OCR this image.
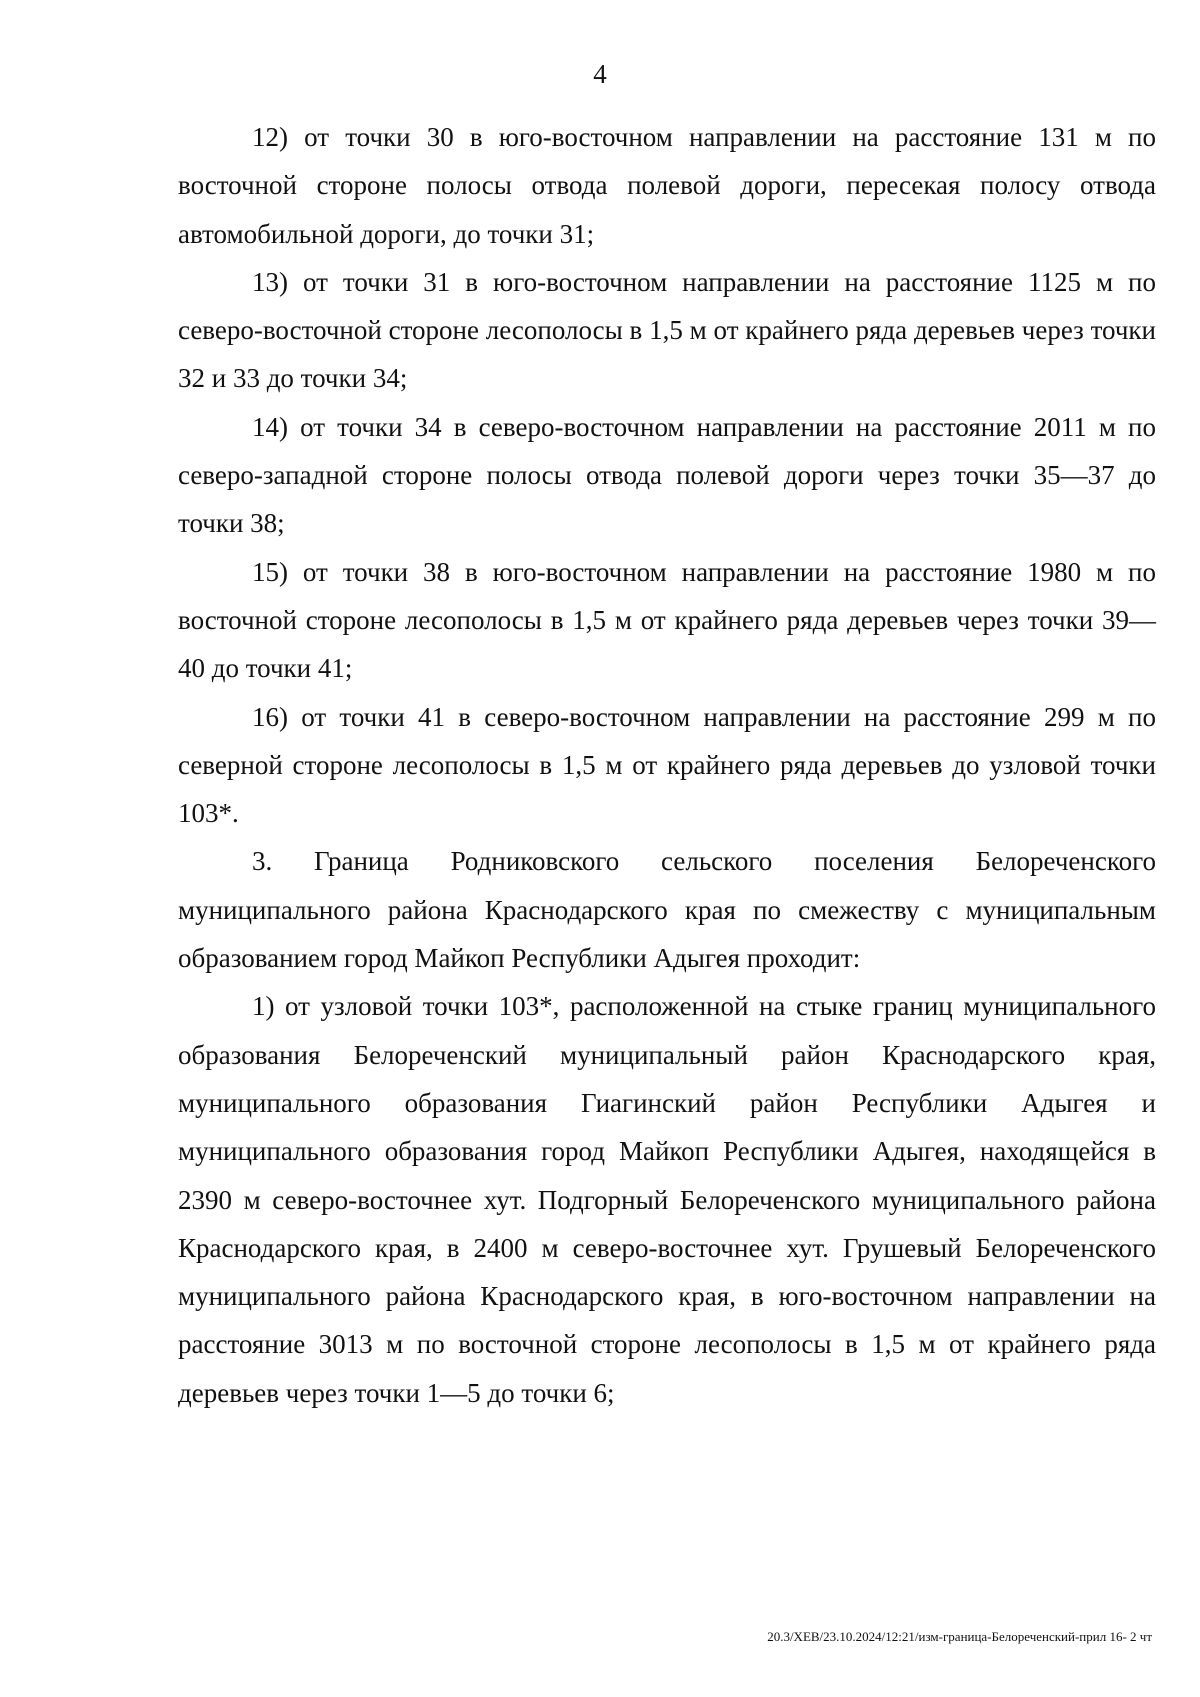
4

12) от точки 30 в юго-восточном направлении на расстояние 131 м по восточной стороне полосы отвода полевой дороги, пересекая полосу отвода автомобильной дороги, до точки 31;

13) от точки 31 в юго-восточном направлении на расстояние 1125 м по северо-восточной стороне лесополосы в 1,5 м от крайнего ряда деревьев через точки 32 и 33 до точки 34;

14) от точки 34 в северо-восточном направлении на расстояние 2011 м по северо-западной стороне полосы отвода полевой дороги через точки 35—37 до точки 38;

15) от точки 38 в юго-восточном направлении на расстояние 1980 м по восточной стороне лесополосы в 1,5 м от крайнего ряда деревьев через точки 39—40 до точки 41;

16) от точки 41 в северо-восточном направлении на расстояние 299 м по северной стороне лесополосы в 1,5 м от крайнего ряда деревьев до узловой точки 103*.

3. Граница Родниковского сельского поселения Белореченского муниципального района Краснодарского края по смежеству с муниципальным образованием город Майкоп Республики Адыгея проходит:

1) от узловой точки 103*, расположенной на стыке границ муниципального образования Белореченский муниципальный район Краснодарского края, муниципального образования Гиагинский район Республики Адыгея и муниципального образования город Майкоп Республики Адыгея, находящейся в 2390 м северо-восточнее хут. Подгорный Белореченского муниципального района Краснодарского края, в 2400 м северо-восточнее хут. Грушевый Белореченского муниципального района Краснодарского края, в юго-восточном направлении на расстояние 3013 м по восточной стороне лесополосы в 1,5 м от крайнего ряда деревьев через точки 1—5 до точки 6;

20.3/ХЕВ/23.10.2024/12:21/изм-граница-Белореченский-прил 16- 2 чт
